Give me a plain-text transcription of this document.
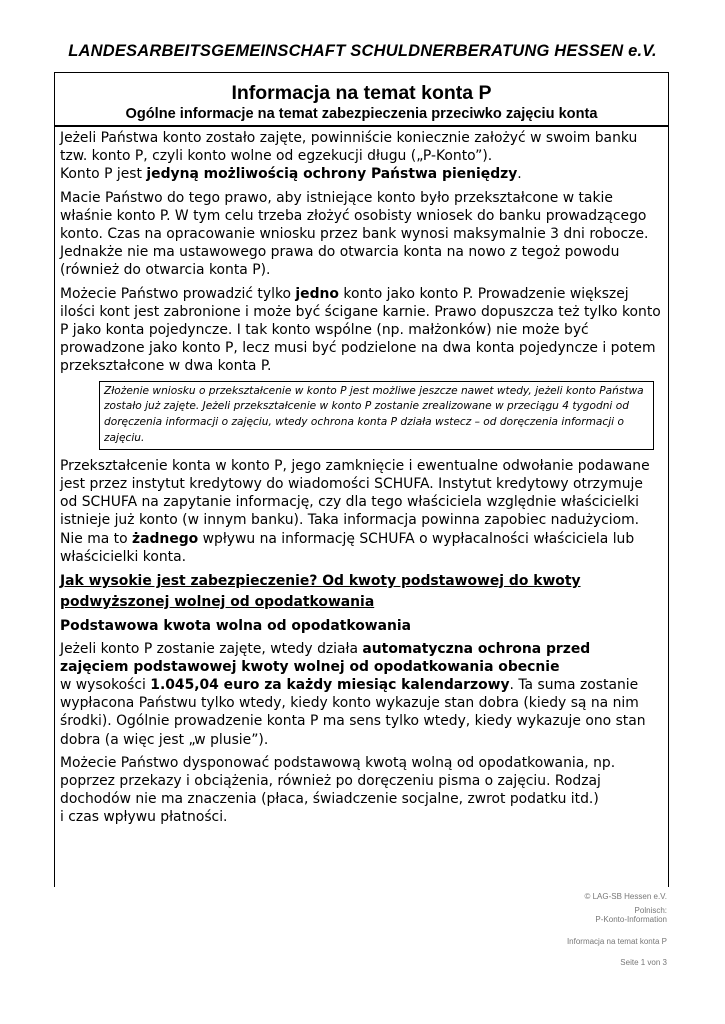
LANDESARBEITSGEMEINSCHAFT SCHULDNERBERATUNG HESSEN e.V.
Informacja na temat konta P
Ogólne informacje na temat zabezpieczenia przeciwko zajęciu konta

Jeżeli Państwa konto zostało zajęte, powinniście koniecznie założyć w swoim banku tzw. konto P, czyli konto wolne od egzekucji długu („P-Konto”).
Konto P jest jedyną możliwością ochrony Państwa pieniędzy.

Macie Państwo do tego prawo, aby istniejące konto było przekształcone w takie właśnie konto P. W tym celu trzeba złożyć osobisty wniosek do banku prowadzącego konto. Czas na opracowanie wniosku przez bank wynosi maksymalnie 3 dni robocze. Jednakże nie ma ustawowego prawa do otwarcia konta na nowo z tegoż powodu (również do otwarcia konta P).

Możecie Państwo prowadzić tylko jedno konto jako konto P. Prowadzenie większej ilości kont jest zabronione i może być ścigane karnie. Prawo dopuszcza też tylko konto P jako konta pojedyncze. I tak konto wspólne (np. małżonków) nie może być prowadzone jako konto P, lecz musi być podzielone na dwa konta pojedyncze i potem przekształcone w dwa konta P.

Złożenie wniosku o przekształcenie w konto P jest możliwe jeszcze nawet wtedy, jeżeli konto Państwa zostało już zajęte. Jeżeli przekształcenie w konto P zostanie zrealizowane w przeciągu 4 tygodni od doręczenia informacji o zajęciu, wtedy ochrona konta P działa wstecz – od doręczenia informacji o zajęciu.

Przekształcenie konta w konto P, jego zamknięcie i ewentualne odwołanie podawane jest przez instytut kredytowy do wiadomości SCHUFA. Instytut kredytowy otrzymuje od SCHUFA na zapytanie informację, czy dla tego właściciela względnie właścicielki istnieje już konto (w innym banku). Taka informacja powinna zapobiec nadużyciom. Nie ma to żadnego wpływu na informację SCHUFA o wypłacalności właściciela lub właścicielki konta.

Jak wysokie jest zabezpieczenie? Od kwoty podstawowej do kwoty podwyższonej wolnej od opodatkowania
Podstawowa kwota wolna od opodatkowania

Jeżeli konto P zostanie zajęte, wtedy działa automatyczna ochrona przed zajęciem podstawowej kwoty wolnej od opodatkowania obecnie
w wysokości 1.045,04 euro za każdy miesiąc kalendarzowy. Ta suma zostanie wypłacona Państwu tylko wtedy, kiedy konto wykazuje stan dobra (kiedy są na nim środki). Ogólnie prowadzenie konta P ma sens tylko wtedy, kiedy wykazuje ono stan dobra (a więc jest „w plusie”).

Możecie Państwo dysponować podstawową kwotą wolną od opodatkowania, np. poprzez przekazy i obciążenia, również po doręczeniu pisma o zajęciu. Rodzaj dochodów nie ma znaczenia (płaca, świadczenie socjalne, zwrot podatku itd.)
i czas wpływu płatności.

© LAG-SB Hessen e.V.
Polnisch:
P-Konto-Information
Informacja na temat konta P
Seite 1 von 3
